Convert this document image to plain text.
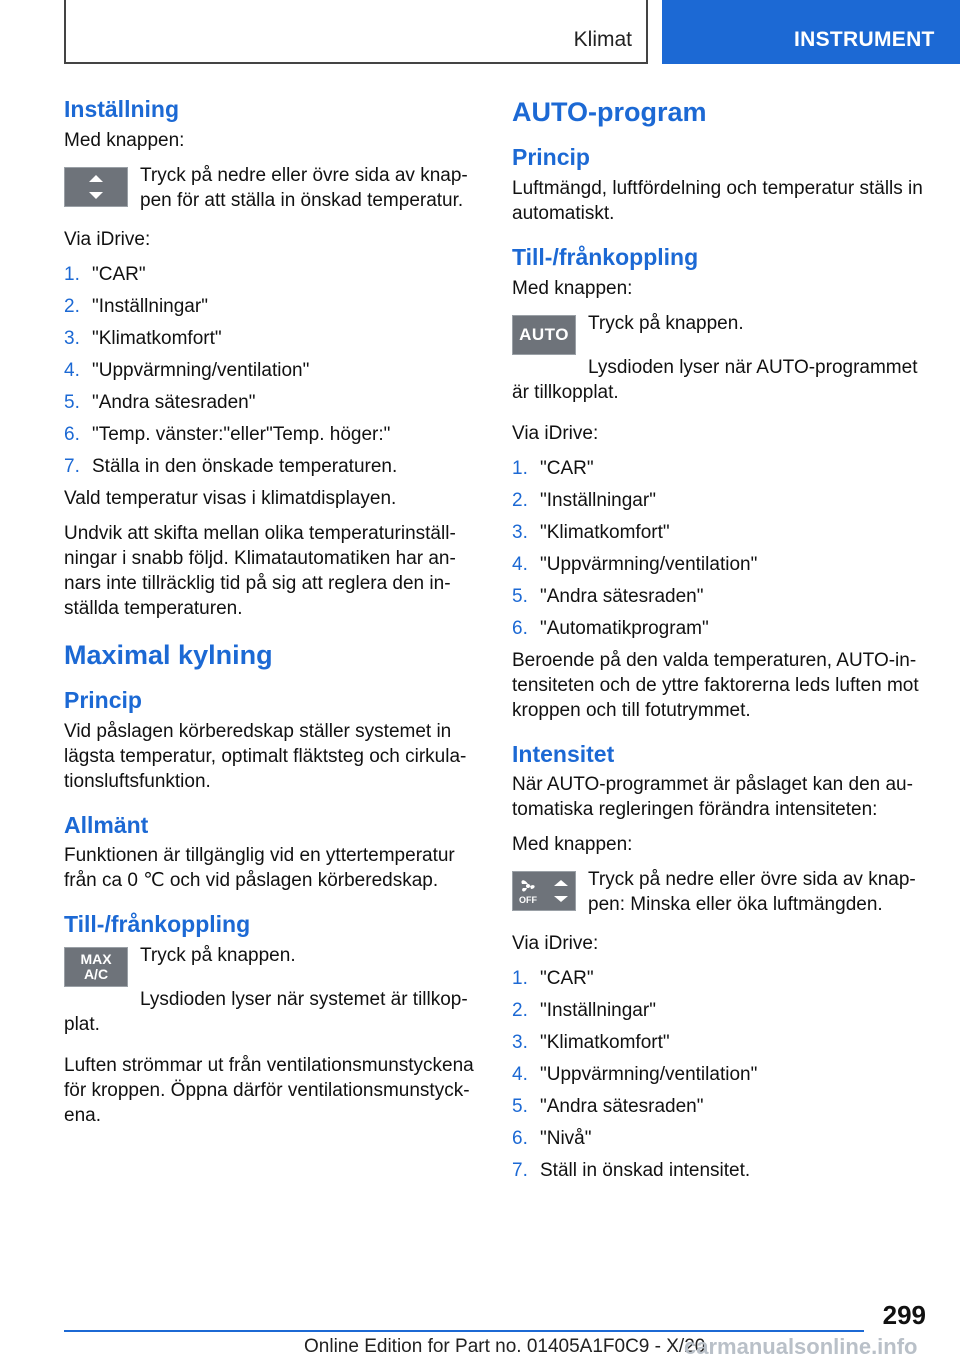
Klimat	INSTRUMENT
Inställning

Med knappen:

Tryck på nedre eller övre sida av knappen för att ställa in önskad temperatur.

Via iDrive:

1. "CAR"
2. "Inställningar"
3. "Klimatkomfort"
4. "Uppvärmning/ventilation"
5. "Andra sätesraden"
6. "Temp. vänster:"eller"Temp. höger:"
7. Ställa in den önskade temperaturen.

Vald temperatur visas i klimatdisplayen.

Undvik att skifta mellan olika temperaturinställningar i snabb följd. Klimatautomatiken har annars inte tillräcklig tid på sig att reglera den inställda temperaturen.

Maximal kylning
Princip

Vid påslagen körberedskap ställer systemet in lägsta temperatur, optimalt fläktsteg och cirkulationsluftsfunktion.

Allmänt

Funktionen är tillgänglig vid en yttertemperatur från ca 0 ℃ och vid påslagen körberedskap.

Till-/frånkoppling
MAX
A/C

Tryck på knappen.

Lysdioden lyser när systemet är tillkopplat.

Luften strömmar ut från ventilationsmunstyckena för kroppen. Öppna därför ventilationsmunstyckena.

AUTO-program
Princip

Luftmängd, luftfördelning och temperatur ställs in automatiskt.

Till-/frånkoppling

Med knappen:

AUTO

Tryck på knappen.

Lysdioden lyser när AUTO-programmet är tillkopplat.

Via iDrive:

1. "CAR"
2. "Inställningar"
3. "Klimatkomfort"
4. "Uppvärmning/ventilation"
5. "Andra sätesraden"
6. "Automatikprogram"

Beroende på den valda temperaturen, AUTO-intensiteten och de yttre faktorerna leds luften mot kroppen och till fotutrymmet.

Intensitet

När AUTO-programmet är påslaget kan den automatiska regleringen förändra intensiteten:

Med knappen:

OFF
Tryck på nedre eller övre sida av knappen: Minska eller öka luftmängden.

Via iDrive:

1. "CAR"
2. "Inställningar"
3. "Klimatkomfort"
4. "Uppvärmning/ventilation"
5. "Andra sätesraden"
6. "Nivå"
7. Ställ in önskad intensitet.
299
Online Edition for Part no. 01405A1F0C9 - X/20
carmanualsonline.info
